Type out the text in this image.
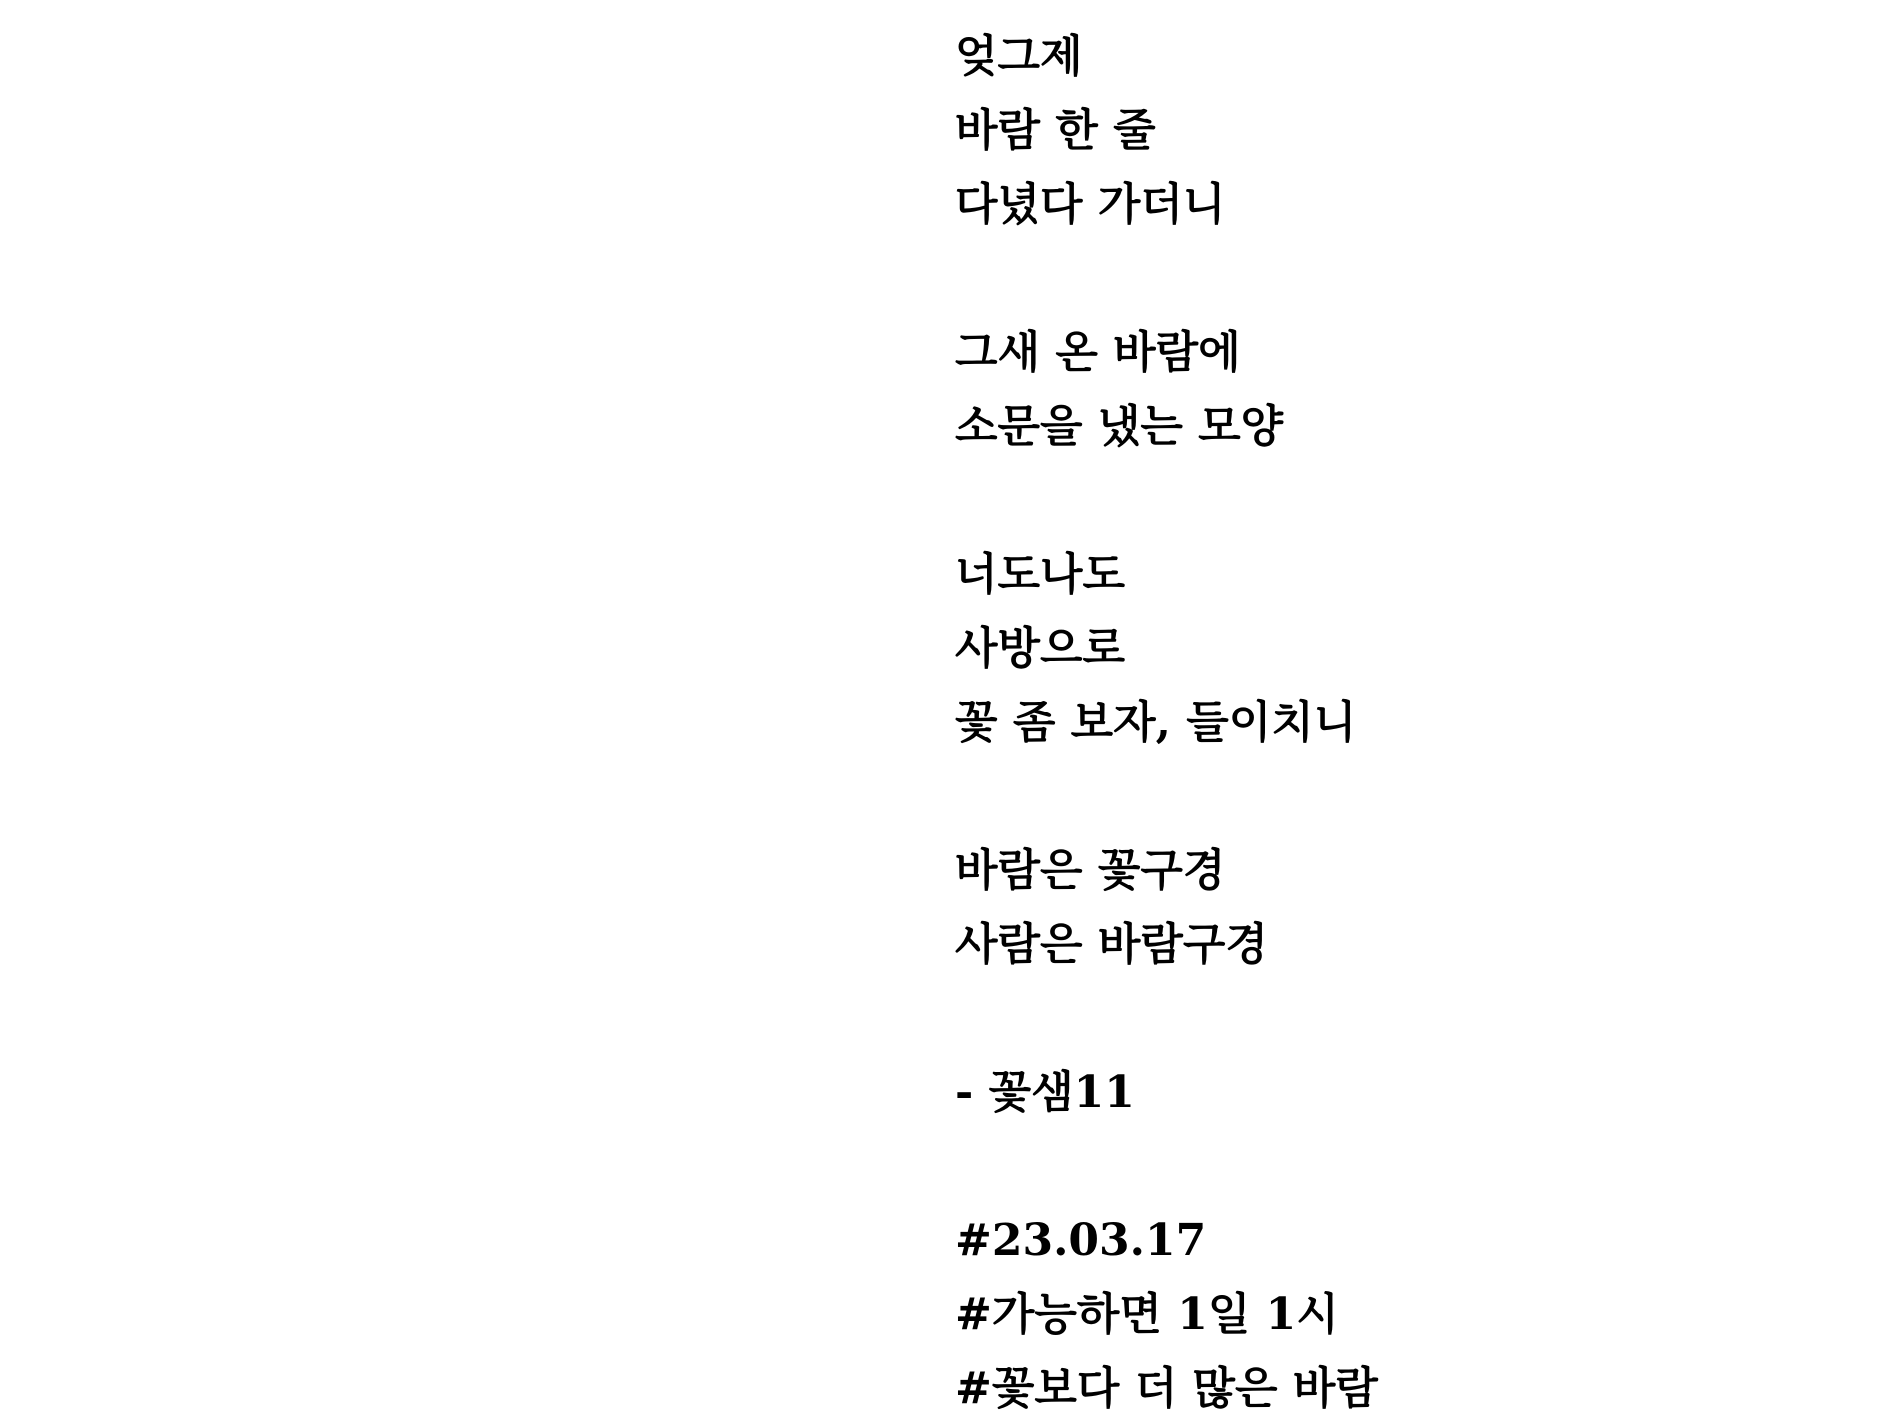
엊그제
바람 한 줄
다녔다 가더니
그새 온 바람에
소문을 냈는 모양
너도나도
사방으로
꽃 좀 보자, 들이치니
바람은 꽃구경
사람은 바람구경
- 꽃샘11
#23.03.17
#가능하면 1일 1시
#꽃보다 더 많은 바람
